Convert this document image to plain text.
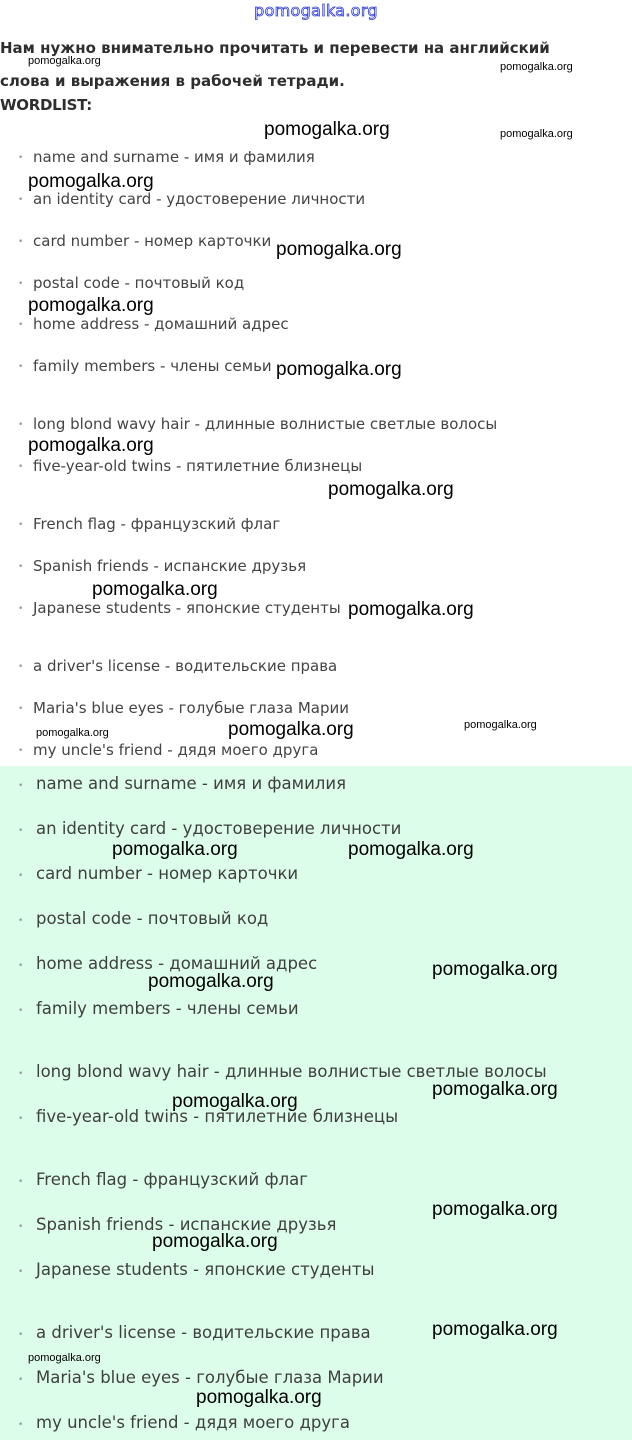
pomogalka.org
Нам нужно внимательно прочитать и перевести на английский слова и выражения в рабочей тетради.
WORDLIST:
• name and surname - имя и фамилия
• an identity card - удостоверение личности
• card number - номер карточки
• postal code - почтовый код
• home address - домашний адрес
• family members - члены семьи
• long blond wavy hair - длинные волнистые светлые волосы
• five-year-old twins - пятилетние близнецы
• French flag - французский флаг
• Spanish friends - испанские друзья
• Japanese students - японские студенты
• a driver's license - водительские права
• Maria's blue eyes - голубые глаза Марии
• my uncle's friend - дядя моего друга
• name and surname - имя и фамилия
• an identity card - удостоверение личности
• card number - номер карточки
• postal code - почтовый код
• home address - домашний адрес
• family members - члены семьи
• long blond wavy hair - длинные волнистые светлые волосы
• five-year-old twins - пятилетние близнецы
• French flag - французский флаг
• Spanish friends - испанские друзья
• Japanese students - японские студенты
• a driver's license - водительские права
• Maria's blue eyes - голубые глаза Марии
• my uncle's friend - дядя моего друга
pomogalka.org	pomogalka.org
pomogalka.org	pomogalka.org
pomogalka.org
pomogalka.org
pomogalka.org
pomogalka.org
pomogalka.org
pomogalka.org
pomogalka.org
pomogalka.org
pomogalka.org	pomogalka.org	pomogalka.org
pomogalka.org	pomogalka.org
pomogalka.org
pomogalka.org
pomogalka.org
pomogalka.org
pomogalka.org
pomogalka.org
pomogalka.org
pomogalka.org
pomogalka.org
